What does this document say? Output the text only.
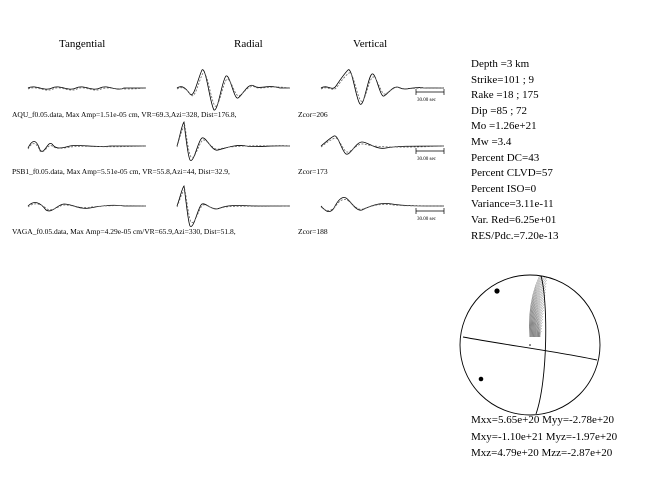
Tangential	Radial	Vertical
30.00 sec
30.00 sec
30.00 sec
AQU_f0.05.data, Max Amp=1.51e-05 cm, VR=69.3,Azi=328, Dist=176.8,	Zcor=206
PSB1_f0.05.data, Max Amp=5.51e-05 cm, VR=55.8,Azi=44, Dist=32.9,	Zcor=173
VAGA_f0.05.data, Max Amp=4.29e-05 cm/VR=65.9,Azi=330, Dist=51.8,	Zcor=188
Depth =3 km
Strike=101 ; 9
Rake =18 ; 175
Dip =85 ; 72
Mo =1.26e+21
Mw =3.4
Percent DC=43
Percent CLVD=57
Percent ISO=0
Variance=3.11e-11
Var. Red=6.25e+01
RES/Pdc.=7.20e-13
Mxx=5.65e+20 Myy=-2.78e+20
Mxy=-1.10e+21 Myz=-1.97e+20
Mxz=4.79e+20 Mzz=-2.87e+20
